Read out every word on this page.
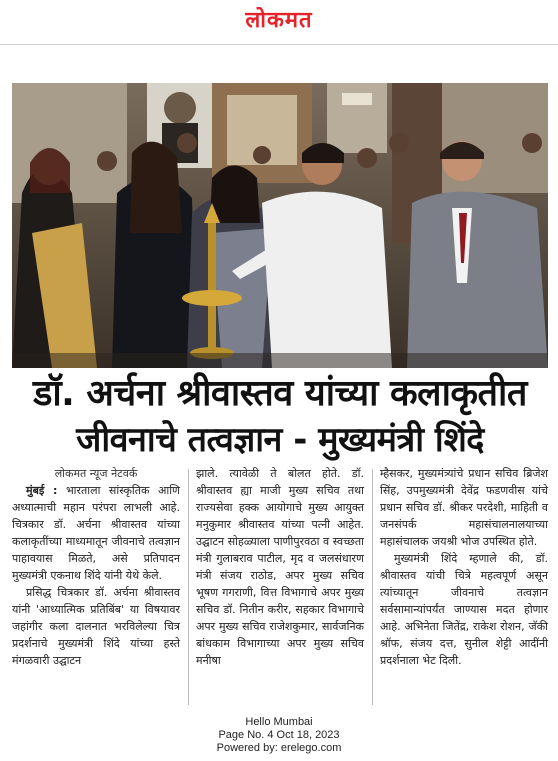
लोकमत
डॉ. अर्चना श्रीवास्तव यांच्या कलाकृतीत
जीवनाचे तत्वज्ञान - मुख्यमंत्री शिंदे
लोकमत न्यूज नेटवर्क
मुंबई : भारताला सांस्कृतिक आणि अध्यात्माची महान परंपरा लाभली आहे. चित्रकार डॉ. अर्चना श्रीवास्तव यांच्या कलाकृतींच्या माध्यमातून जीवनाचे तत्वज्ञान पाहावयास मिळते, असे प्रतिपादन मुख्यमंत्री एकनाथ शिंदे यांनी येथे केले.
प्रसिद्ध चित्रकार डॉ. अर्चना श्रीवास्तव यांनी 'आध्यात्मिक प्रतिबिंब' या विषयावर जहांगीर कला दालनात भरविलेल्या चित्र प्रदर्शनाचे मुख्यमंत्री शिंदे यांच्या हस्ते मंगळवारी उद्घाटन
झाले. त्यावेळी ते बोलत होते. डॉ. श्रीवास्तव ह्या माजी मुख्य सचिव तथा राज्यसेवा हक्क आयोगाचे मुख्य आयुक्त मनुकुमार श्रीवास्तव यांच्या पत्नी आहेत. उद्घाटन सोहळ्याला पाणीपुरवठा व स्वच्छता मंत्री गुलाबराव पाटील, मृद व जलसंधारण मंत्री संजय राठोड, अपर मुख्य सचिव भूषण गगराणी, वित्त विभागाचे अपर मुख्य सचिव डॉ. नितीन करीर, सहकार विभागाचे अपर मुख्य सचिव राजेशकुमार, सार्वजनिक बांधकाम विभागाच्या अपर मुख्य सचिव मनीषा
म्हैसकर, मुख्यमंत्र्यांचे प्रधान सचिव ब्रिजेश सिंह, उपमुख्यमंत्री देवेंद्र फडणवीस यांचे प्रधान सचिव डॉ. श्रीकर परदेशी, माहिती व जनसंपर्क महासंचालनालयाच्या महासंचालक जयश्री भोज उपस्थित होते.
मुख्यमंत्री शिंदे म्हणाले की, डॉ. श्रीवास्तव यांची चित्रे महत्वपूर्ण असून त्यांच्यातून जीवनाचे तत्वज्ञान सर्वसामान्यांपर्यंत जाण्यास मदत होणार आहे. अभिनेता जितेंद्र, राकेश रोशन, जॅकी श्रॉफ, संजय दत्त, सुनील शेट्टी आदींनी प्रदर्शनाला भेट दिली.
Hello Mumbai
Page No. 4 Oct 18, 2023
Powered by: erelego.com
